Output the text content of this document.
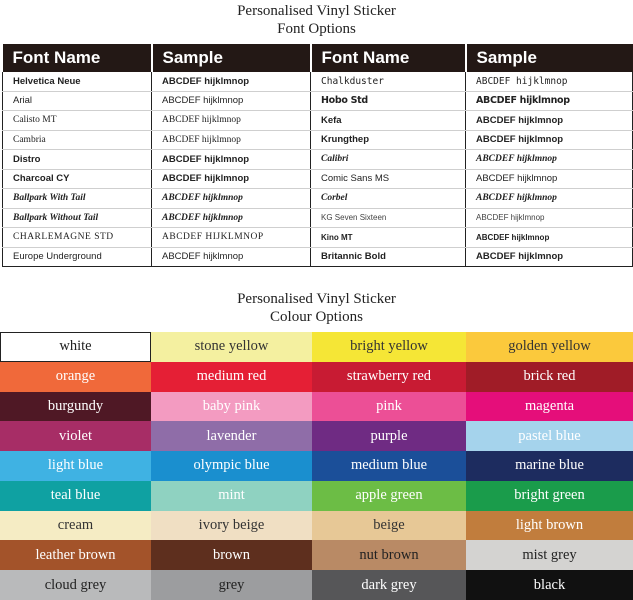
Personalised Vinyl Sticker
Font Options
Font Name	Sample	Font Name	Sample
Helvetica Neue	ABCDEF hijklmnop	Chalkduster	ABCDEF hijklmnop
Arial	ABCDEF hijklmnop	Hobo Std	ABCDEF hijklmnop
Calisto MT	ABCDEF hijklmnop	Kefa	ABCDEF hijklmnop
Cambria	ABCDEF hijklmnop	Krungthep	ABCDEF hijklmnop
Distro	ABCDEF hijklmnop	Calibri	ABCDEF hijklmnop
Charcoal CY	ABCDEF hijklmnop	Comic Sans MS	ABCDEF hijklmnop
Ballpark With Tail	ABCDEF hijklmnop	Corbel	ABCDEF hijklmnop
Ballpark Without Tail	ABCDEF hijklmnop	KG Seven Sixteen	ABCDEF hijklmnop
CHARLEMAGNE STD	ABCDEF HIJKLMNOP	Kino MT	ABCDEF hijklmnop
Europe Underground	ABCDEF hijklmnop	Britannic Bold	ABCDEF hijklmnop
Personalised Vinyl Sticker
Colour Options
white	stone yellow	bright yellow	golden yellow
orange	medium red	strawberry red	brick red
burgundy	baby pink	pink	magenta
violet	lavender	purple	pastel blue
light blue	olympic blue	medium blue	marine blue
teal blue	mint	apple green	bright green
cream	ivory beige	beige	light brown
leather brown	brown	nut brown	mist grey
cloud grey	grey	dark grey	black
